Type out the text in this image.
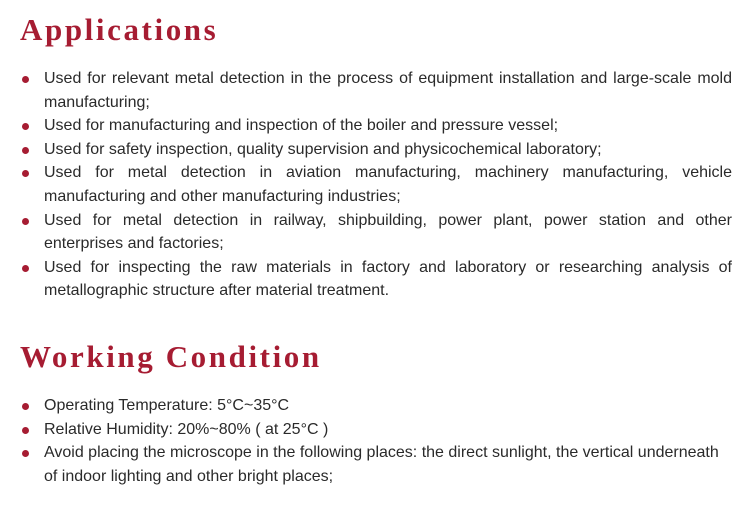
Applications
Used for relevant metal detection in the process of equipment installation and large-scale mold manufacturing;
Used for manufacturing and inspection of the boiler and pressure vessel;
Used for safety inspection, quality supervision and physicochemical laboratory;
Used for metal detection in aviation manufacturing, machinery manufacturing, vehicle manufacturing and other manufacturing industries;
Used for metal detection in railway, shipbuilding, power plant, power station and other enterprises and factories;
Used for inspecting the raw materials in factory and laboratory or researching analysis of metallographic structure after material treatment.
Working Condition
Operating Temperature: 5°C~35°C
Relative Humidity: 20%~80% ( at 25°C )
Avoid placing the microscope in the following places: the direct sunlight, the vertical underneath of indoor lighting and other bright places;
